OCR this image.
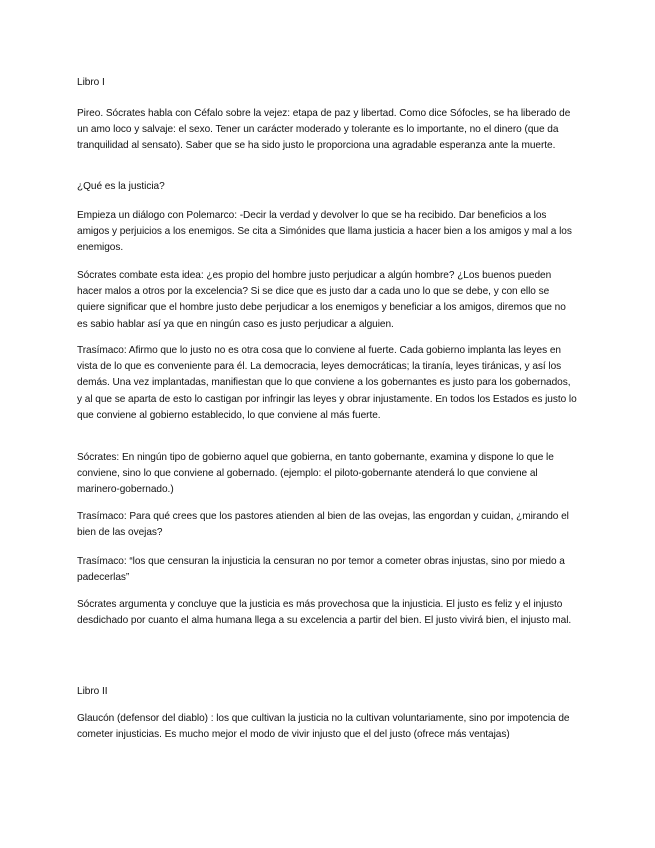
Libro I

Pireo. Sócrates habla con Céfalo sobre la vejez: etapa de paz y libertad. Como dice Sófocles, se ha liberado de un amo loco y salvaje: el sexo. Tener un carácter moderado y tolerante es lo importante, no el dinero (que da tranquilidad al sensato). Saber que se ha sido justo le proporciona una agradable esperanza ante la muerte.

¿Qué es la justicia?

Empieza un diálogo con Polemarco: -Decir la verdad y devolver lo que se ha recibido. Dar beneficios a los amigos y perjuicios a los enemigos. Se cita a Simónides que llama justicia a hacer bien a los amigos y mal a los enemigos.

Sócrates combate esta idea: ¿es propio del hombre justo perjudicar a algún hombre? ¿Los buenos pueden hacer malos a otros por la excelencia? Si se dice que es justo dar a cada uno lo que se debe, y con ello se quiere significar que el hombre justo debe perjudicar a los enemigos y beneficiar a los amigos, diremos que no es sabio hablar así ya que en ningún caso es justo perjudicar a alguien.

Trasímaco: Afirmo que lo justo no es otra cosa que lo conviene al fuerte. Cada gobierno implanta las leyes en vista de lo que es conveniente para él. La democracia, leyes democráticas; la tiranía, leyes tiránicas, y así los demás. Una vez implantadas, manifiestan que lo que conviene a los gobernantes es justo para los gobernados, y al que se aparta de esto lo castigan por infringir las leyes y obrar injustamente. En todos los Estados es justo lo que conviene al gobierno establecido, lo que conviene al más fuerte.

Sócrates: En ningún tipo de gobierno aquel que gobierna, en tanto gobernante, examina y dispone lo que le conviene, sino lo que conviene al gobernado. (ejemplo: el piloto-gobernante atenderá lo que conviene al marinero-gobernado.)

Trasímaco: Para qué crees que los pastores atienden al bien de las ovejas, las engordan y cuidan, ¿mirando el bien de las ovejas?

Trasímaco: “los que censuran la injusticia la censuran no por temor a cometer obras injustas, sino por miedo a padecerlas”

Sócrates argumenta y concluye que la justicia es más provechosa que la injusticia. El justo es feliz y el injusto desdichado por cuanto el alma humana llega a su excelencia a partir del bien. El justo vivirá bien, el injusto mal.

Libro II

Glaucón (defensor del diablo) : los que cultivan la justicia no la cultivan voluntariamente, sino por impotencia de cometer injusticias. Es mucho mejor el modo de vivir injusto que el del justo (ofrece más ventajas)
